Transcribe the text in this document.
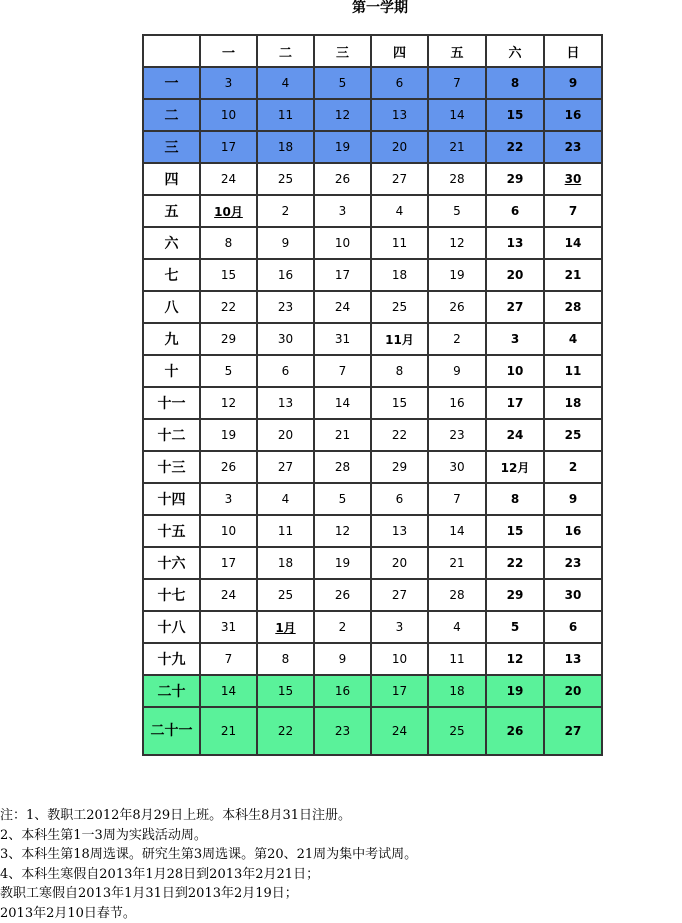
第一学期
	一	二	三	四	五	六	日
一	3	4	5	6	7	8	9
二	10	11	12	13	14	15	16
三	17	18	19	20	21	22	23
四	24	25	26	27	28	29	30
五	10月	2	3	4	5	6	7
六	8	9	10	11	12	13	14
七	15	16	17	18	19	20	21
八	22	23	24	25	26	27	28
九	29	30	31	11月	2	3	4
十	5	6	7	8	9	10	11
十一	12	13	14	15	16	17	18
十二	19	20	21	22	23	24	25
十三	26	27	28	29	30	12月	2
十四	3	4	5	6	7	8	9
十五	10	11	12	13	14	15	16
十六	17	18	19	20	21	22	23
十七	24	25	26	27	28	29	30
十八	31	1月	2	3	4	5	6
十九	7	8	9	10	11	12	13
二十	14	15	16	17	18	19	20
二十一	21	22	23	24	25	26	27
注：1、教职工2012年8月29日上班。本科生8月31日注册。
2、本科生第1一3周为实践活动周。
3、本科生第18周选课。研究生第3周选课。第20、21周为集中考试周。
4、本科生寒假自2013年1月28日到2013年2月21日；
教职工寒假自2013年1月31日到2013年2月19日；
2013年2月10日春节。
